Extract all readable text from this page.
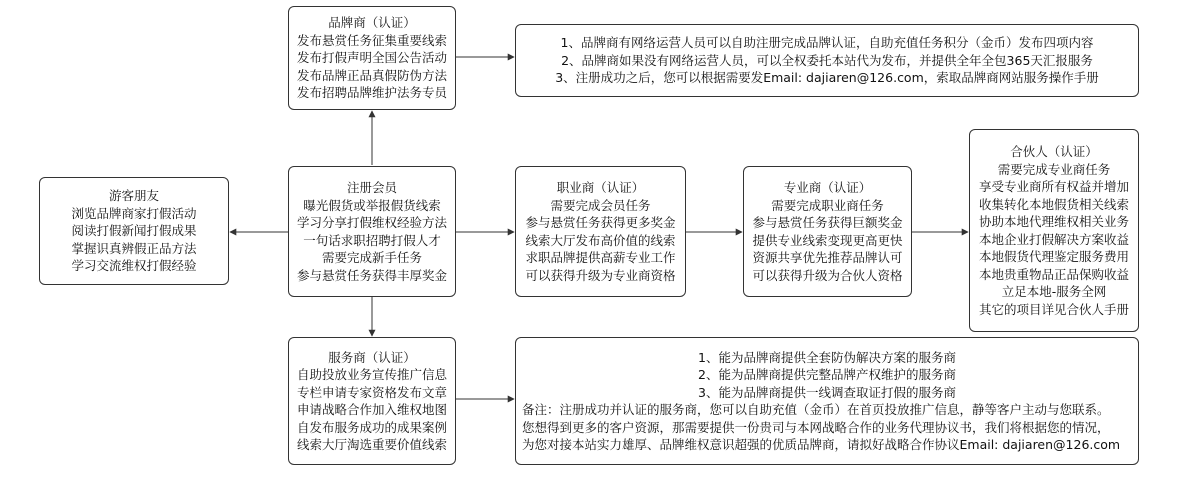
游客朋友
浏览品牌商家打假活动
阅读打假新闻打假成果
掌握识真辨假正品方法
学习交流维权打假经验
注册会员
曝光假货或举报假货线索
学习分享打假维权经验方法
一句话求职招聘打假人才
需要完成新手任务
参与悬赏任务获得丰厚奖金
品牌商（认证）
发布悬赏任务征集重要线索
发布打假声明全国公告活动
发布品牌正品真假防伪方法
发布招聘品牌维护法务专员
1、品牌商有网络运营人员可以自助注册完成品牌认证，自助充值任务积分（金币）发布四项内容
2、品牌商如果没有网络运营人员，可以全权委托本站代为发布，并提供全年全包365天汇报服务
3、注册成功之后，您可以根据需要发Email: dajiaren@126.com，索取品牌商网站服务操作手册
职业商（认证）
需要完成会员任务
参与悬赏任务获得更多奖金
线索大厅发布高价值的线索
求职品牌提供高薪专业工作
可以获得升级为专业商资格
专业商（认证）
需要完成职业商任务
参与悬赏任务获得巨额奖金
提供专业线索变现更高更快
资源共享优先推荐品牌认可
可以获得升级为合伙人资格
合伙人（认证）
需要完成专业商任务
享受专业商所有权益并增加
收集转化本地假货相关线索
协助本地代理维权相关业务
本地企业打假解决方案收益
本地假货代理鉴定服务费用
本地贵重物品正品保购收益
立足本地-服务全网
其它的项目详见合伙人手册
服务商（认证）
自助投放业务宣传推广信息
专栏申请专家资格发布文章
申请战略合作加入维权地图
自发布服务成功的成果案例
线索大厅淘选重要价值线索
1、能为品牌商提供全套防伪解决方案的服务商
2、能为品牌商提供完整品牌产权维护的服务商
3、能为品牌商提供一线调查取证打假的服务商
备注：注册成功并认证的服务商，您可以自助充值（金币）在首页投放推广信息，静等客户主动与您联系。
您想得到更多的客户资源，那需要提供一份贵司与本网战略合作的业务代理协议书，我们将根据您的情况，
为您对接本站实力雄厚、品牌维权意识超强的优质品牌商，请拟好战略合作协议Email: dajiaren@126.com
